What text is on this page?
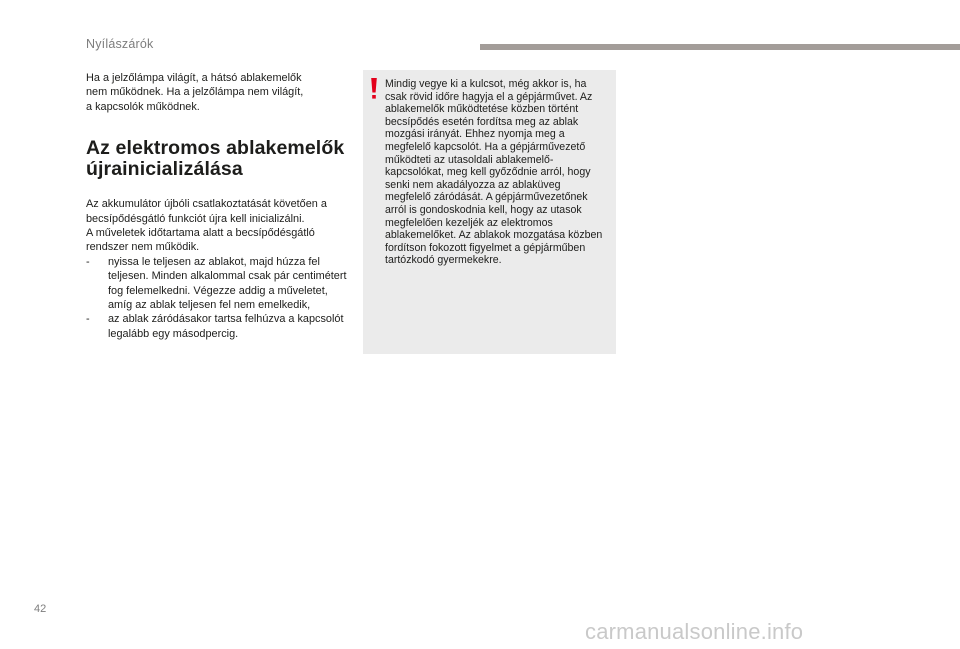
Nyílászárók

Ha a jelzőlámpa világít, a hátsó ablakemelők
nem működnek. Ha a jelzőlámpa nem világít,
a kapcsolók működnek.

Az elektromos ablakemelők
újrainicializálása

Az akkumulátor újbóli csatlakoztatását követően a becsípődésgátló funkciót újra kell inicializálni.

A műveletek időtartama alatt a becsípődésgátló rendszer nem működik.

- nyissa le teljesen az ablakot, majd húzza fel teljesen. Minden alkalommal csak pár centimétert fog felemelkedni. Végezze addig a műveletet, amíg az ablak teljesen fel nem emelkedik,
- az ablak záródásakor tartsa felhúzva a kapcsolót legalább egy másodpercig.

Mindig vegye ki a kulcsot, még akkor is, ha csak rövid időre hagyja el a gépjárművet. Az ablakemelők működtetése közben történt becsípődés esetén fordítsa meg az ablak mozgási irányát. Ehhez nyomja meg a megfelelő kapcsolót. Ha a gépjárművezető működteti az utasoldali ablakemelő-kapcsolókat, meg kell győződnie arról, hogy senki nem akadályozza az ablaküveg megfelelő záródását. A gépjárművezetőnek arról is gondoskodnia kell, hogy az utasok megfelelően kezeljék az elektromos ablakemelőket. Az ablakok mozgatása közben fordítson fokozott figyelmet a gépjárműben tartózkodó gyermekekre.

42
carmanualsonline.info
